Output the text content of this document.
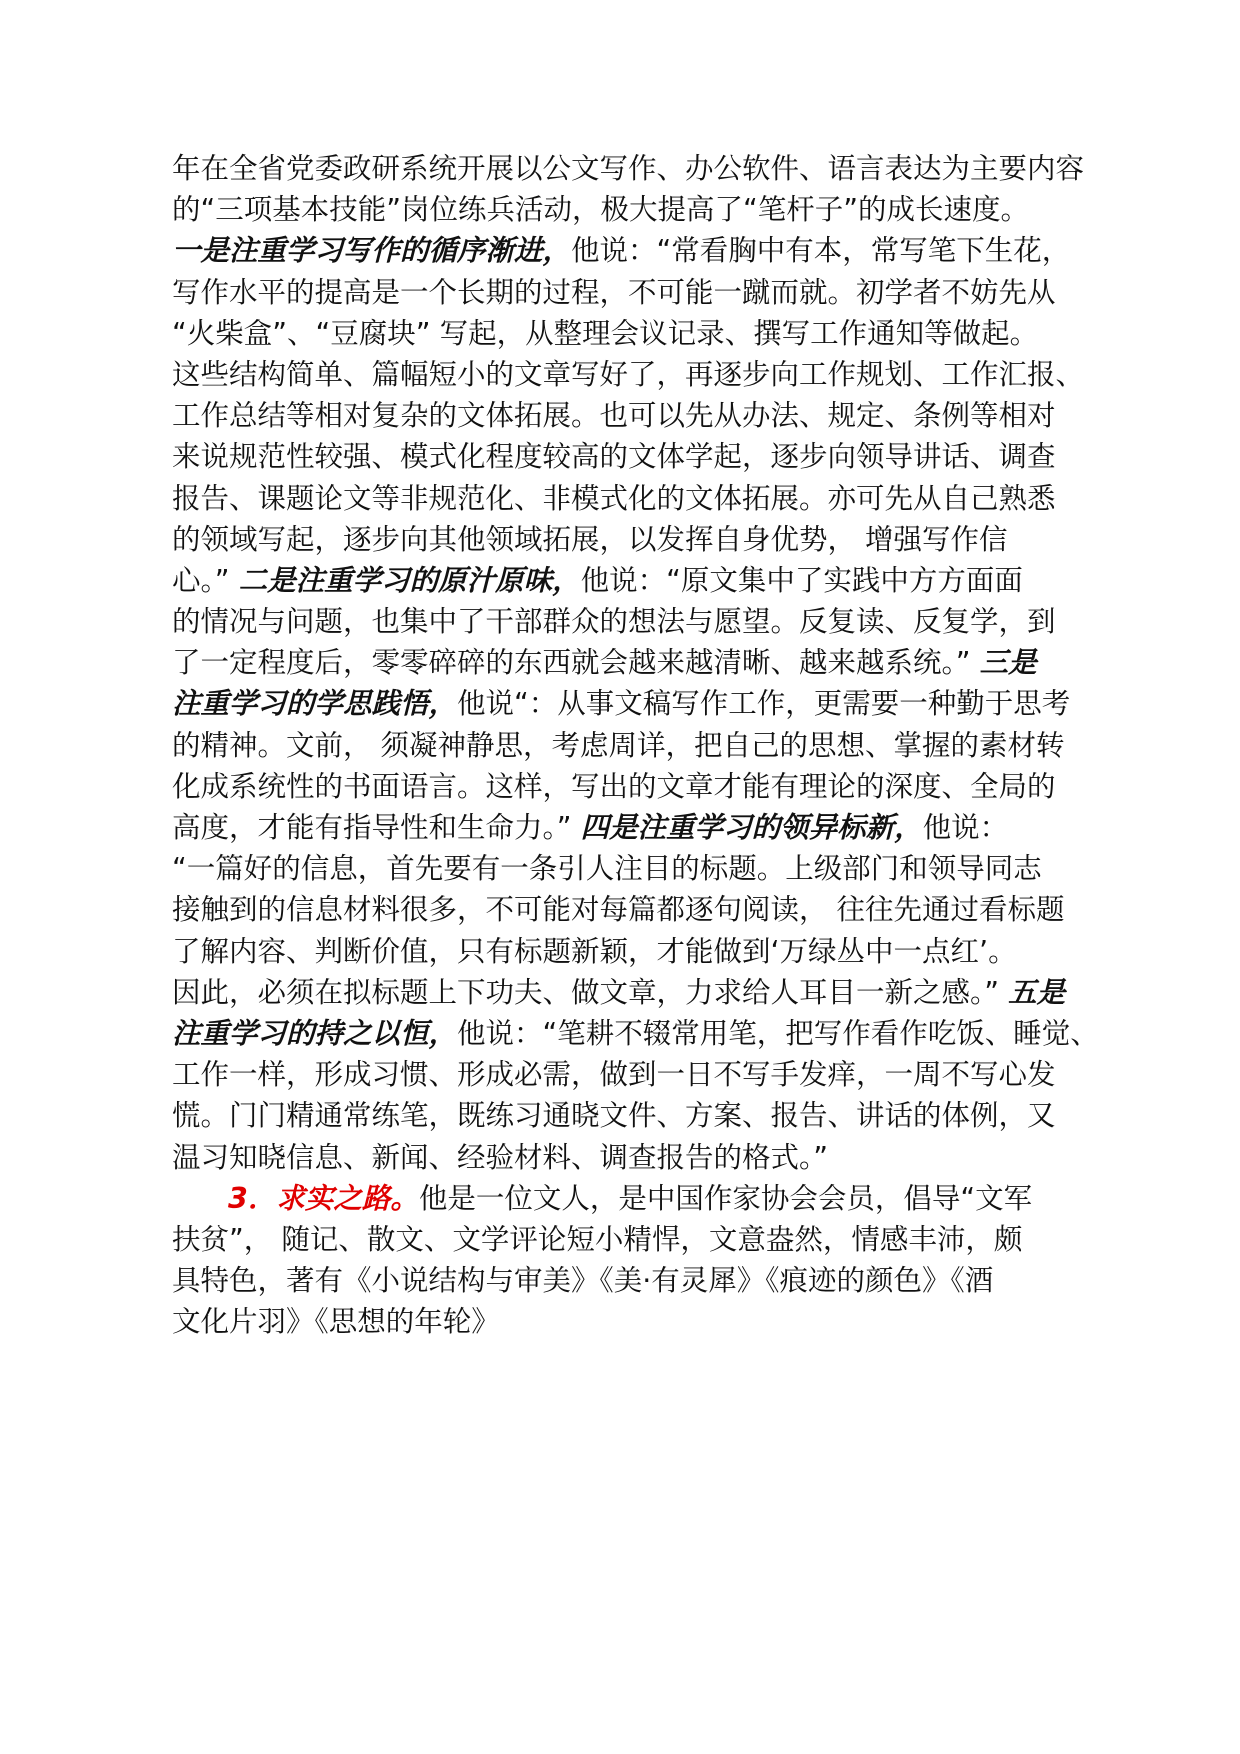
年在全省党委政研系统开展以公文写作、办公软件、语言表达为主要内容
的“三项基本技能”岗位练兵活动，极大提高了“笔杆子”的成长速度。
一是注重学习写作的循序渐进，他说：“常看胸中有本，常写笔下生花，
写作水平的提高是一个长期的过程，不可能一蹴而就。初学者不妨先从
“火柴盒”、“豆腐块” 写起，从整理会议记录、撰写工作通知等做起。
这些结构简单、篇幅短小的文章写好了，再逐步向工作规划、工作汇报、
工作总结等相对复杂的文体拓展。也可以先从办法、规定、条例等相对
来说规范性较强、模式化程度较高的文体学起，逐步向领导讲话、调查
报告、课题论文等非规范化、非模式化的文体拓展。亦可先从自己熟悉
的领域写起，逐步向其他领域拓展，以发挥自身优势， 增强写作信
心。” 二是注重学习的原汁原味，他说：“原文集中了实践中方方面面
的情况与问题，也集中了干部群众的想法与愿望。反复读、反复学，到
了一定程度后，零零碎碎的东西就会越来越清晰、越来越系统。” 三是
注重学习的学思践悟，他说“：从事文稿写作工作，更需要一种勤于思考
的精神。文前， 须凝神静思，考虑周详，把自己的思想、掌握的素材转
化成系统性的书面语言。这样，写出的文章才能有理论的深度、全局的
高度，才能有指导性和生命力。” 四是注重学习的领异标新，他说：
“一篇好的信息，首先要有一条引人注目的标题。上级部门和领导同志
接触到的信息材料很多，不可能对每篇都逐句阅读， 往往先通过看标题
了解内容、判断价值，只有标题新颖，才能做到‘万绿丛中一点红’。
因此，必须在拟标题上下功夫、做文章，力求给人耳目一新之感。” 五是
注重学习的持之以恒，他说：“笔耕不辍常用笔，把写作看作吃饭、睡觉、
工作一样，形成习惯、形成必需，做到一日不写手发痒，一周不写心发
慌。门门精通常练笔，既练习通晓文件、方案、报告、讲话的体例，又
温习知晓信息、新闻、经验材料、调查报告的格式。”
3．求实之路。他是一位文人，是中国作家协会会员，倡导“文军
扶贫”， 随记、散文、文学评论短小精悍，文意盎然，情感丰沛，颇
具特色，著有《小说结构与审美》《美·有灵犀》《痕迹的颜色》《酒
文化片羽》《思想的年轮》
